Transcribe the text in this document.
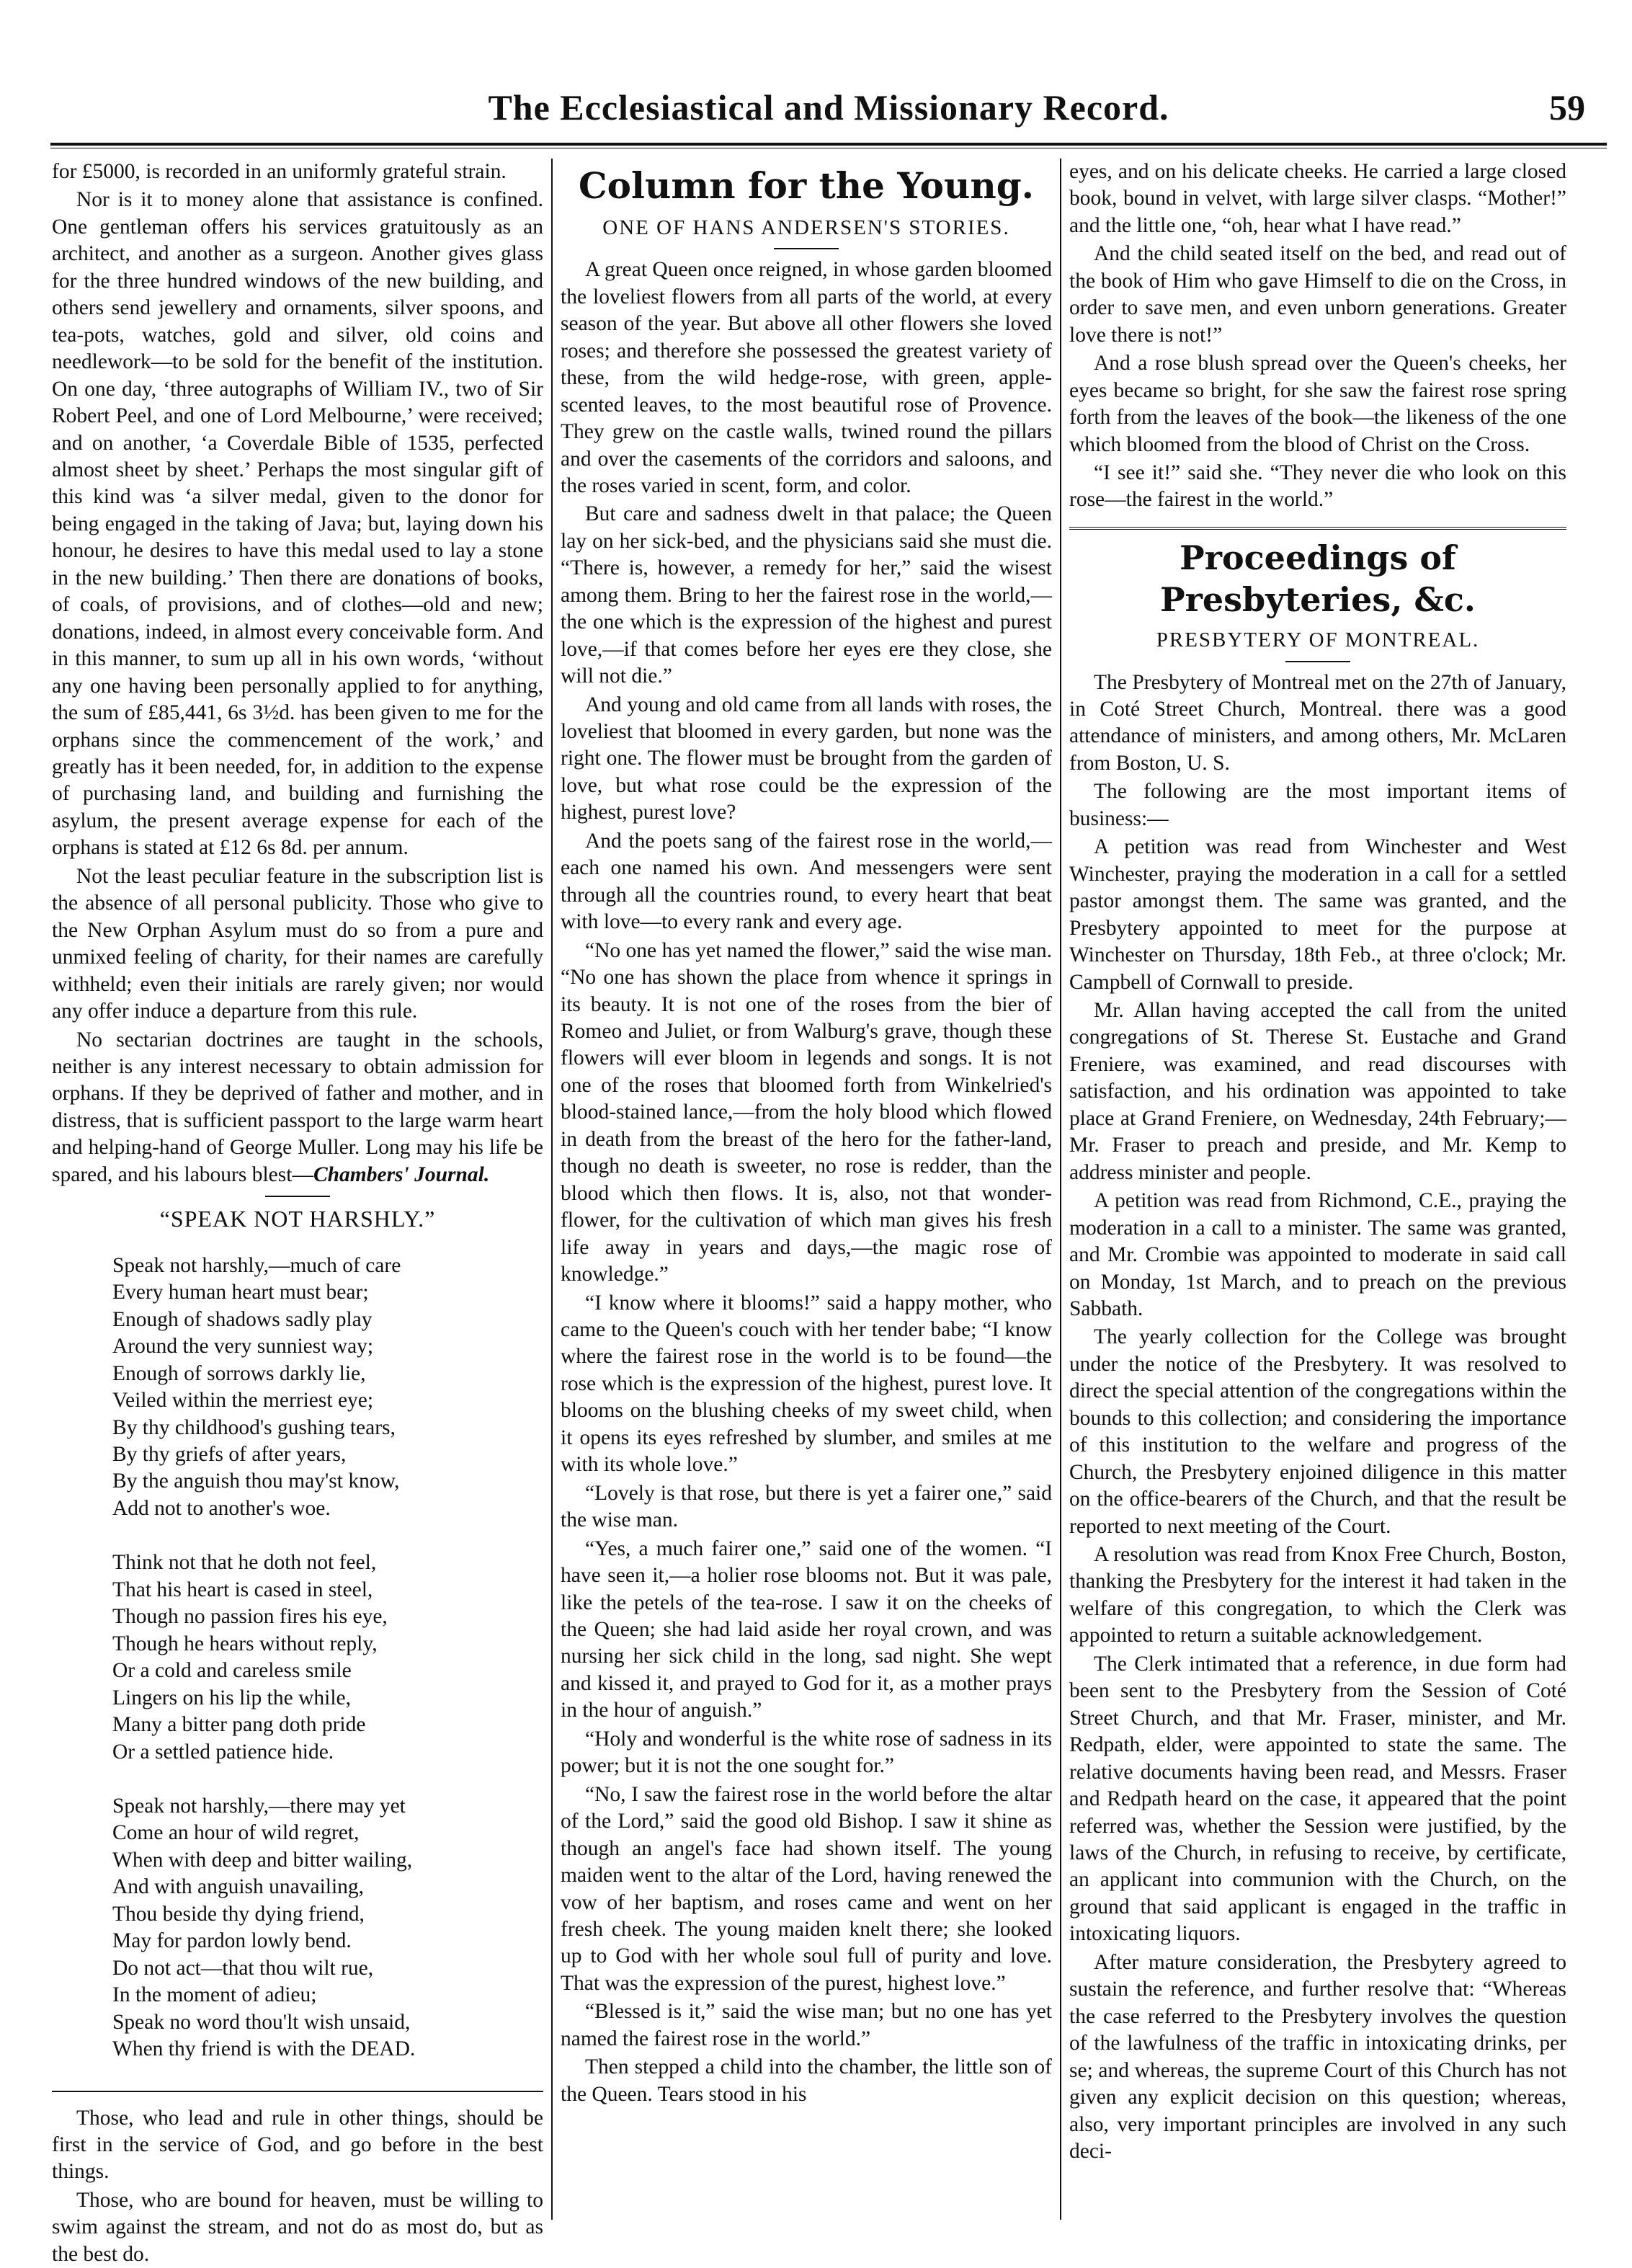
The Ecclesiastical and Missionary Record.	59

for £5000, is recorded in an uniformly grateful strain.

Nor is it to money alone that assistance is confined. One gentleman offers his services gratuitously as an architect, and another as a surgeon. Another gives glass for the three hundred windows of the new building, and others send jewellery and ornaments, silver spoons, and tea-pots, watches, gold and silver, old coins and needlework—to be sold for the benefit of the institution. On one day, ‘three autographs of William IV., two of Sir Robert Peel, and one of Lord Melbourne,’ were received; and on another, ‘a Coverdale Bible of 1535, perfected almost sheet by sheet.’ Perhaps the most singular gift of this kind was ‘a silver medal, given to the donor for being engaged in the taking of Java; but, laying down his honour, he desires to have this medal used to lay a stone in the new building.’ Then there are donations of books, of coals, of provisions, and of clothes—old and new; donations, indeed, in almost every conceivable form. And in this manner, to sum up all in his own words, ‘without any one having been personally applied to for anything, the sum of £85,441, 6s 3½d. has been given to me for the orphans since the commencement of the work,’ and greatly has it been needed, for, in addition to the expense of purchasing land, and building and furnishing the asylum, the present average expense for each of the orphans is stated at £12 6s 8d. per annum.

Not the least peculiar feature in the subscription list is the absence of all personal publicity. Those who give to the New Orphan Asylum must do so from a pure and unmixed feeling of charity, for their names are carefully withheld; even their initials are rarely given; nor would any offer induce a departure from this rule.

No sectarian doctrines are taught in the schools, neither is any interest necessary to obtain admission for orphans. If they be deprived of father and mother, and in distress, that is sufficient passport to the large warm heart and helping-hand of George Muller. Long may his life be spared, and his labours blest—Chambers' Journal.

“SPEAK NOT HARSHLY.”
Speak not harshly,—much of care
Every human heart must bear;
Enough of shadows sadly play
Around the very sunniest way;
Enough of sorrows darkly lie,
Veiled within the merriest eye;
By thy childhood's gushing tears,
By thy griefs of after years,
By the anguish thou may'st know,
Add not to another's woe.
Think not that he doth not feel,
That his heart is cased in steel,
Though no passion fires his eye,
Though he hears without reply,
Or a cold and careless smile
Lingers on his lip the while,
Many a bitter pang doth pride
Or a settled patience hide.
Speak not harshly,—there may yet
Come an hour of wild regret,
When with deep and bitter wailing,
And with anguish unavailing,
Thou beside thy dying friend,
May for pardon lowly bend.
Do not act—that thou wilt rue,
In the moment of adieu;
Speak no word thou'lt wish unsaid,
When thy friend is with the DEAD.

Those, who lead and rule in other things, should be first in the service of God, and go before in the best things.

Those, who are bound for heaven, must be willing to swim against the stream, and not do as most do, but as the best do.

Column for the Young.
ONE OF HANS ANDERSEN'S STORIES.

A great Queen once reigned, in whose garden bloomed the loveliest flowers from all parts of the world, at every season of the year. But above all other flowers she loved roses; and therefore she possessed the greatest variety of these, from the wild hedge-rose, with green, apple-scented leaves, to the most beautiful rose of Provence. They grew on the castle walls, twined round the pillars and over the casements of the corridors and saloons, and the roses varied in scent, form, and color.

But care and sadness dwelt in that palace; the Queen lay on her sick-bed, and the physicians said she must die. “There is, however, a remedy for her,” said the wisest among them. Bring to her the fairest rose in the world,—the one which is the expression of the highest and purest love,—if that comes before her eyes ere they close, she will not die.”

And young and old came from all lands with roses, the loveliest that bloomed in every garden, but none was the right one. The flower must be brought from the garden of love, but what rose could be the expression of the highest, purest love?

And the poets sang of the fairest rose in the world,—each one named his own. And messengers were sent through all the countries round, to every heart that beat with love—to every rank and every age.

“No one has yet named the flower,” said the wise man. “No one has shown the place from whence it springs in its beauty. It is not one of the roses from the bier of Romeo and Juliet, or from Walburg's grave, though these flowers will ever bloom in legends and songs. It is not one of the roses that bloomed forth from Winkelried's blood-stained lance,—from the holy blood which flowed in death from the breast of the hero for the father-land, though no death is sweeter, no rose is redder, than the blood which then flows. It is, also, not that wonder-flower, for the cultivation of which man gives his fresh life away in years and days,—the magic rose of knowledge.”

“I know where it blooms!” said a happy mother, who came to the Queen's couch with her tender babe; “I know where the fairest rose in the world is to be found—the rose which is the expression of the highest, purest love. It blooms on the blushing cheeks of my sweet child, when it opens its eyes refreshed by slumber, and smiles at me with its whole love.”

“Lovely is that rose, but there is yet a fairer one,” said the wise man.

“Yes, a much fairer one,” said one of the women. “I have seen it,—a holier rose blooms not. But it was pale, like the petels of the tea-rose. I saw it on the cheeks of the Queen; she had laid aside her royal crown, and was nursing her sick child in the long, sad night. She wept and kissed it, and prayed to God for it, as a mother prays in the hour of anguish.”

“Holy and wonderful is the white rose of sadness in its power; but it is not the one sought for.”

“No, I saw the fairest rose in the world before the altar of the Lord,” said the good old Bishop. I saw it shine as though an angel's face had shown itself. The young maiden went to the altar of the Lord, having renewed the vow of her baptism, and roses came and went on her fresh cheek. The young maiden knelt there; she looked up to God with her whole soul full of purity and love. That was the expression of the purest, highest love.”

“Blessed is it,” said the wise man; but no one has yet named the fairest rose in the world.”

Then stepped a child into the chamber, the little son of the Queen. Tears stood in his

eyes, and on his delicate cheeks. He carried a large closed book, bound in velvet, with large silver clasps. “Mother!” and the little one, “oh, hear what I have read.”

And the child seated itself on the bed, and read out of the book of Him who gave Himself to die on the Cross, in order to save men, and even unborn generations. Greater love there is not!”

And a rose blush spread over the Queen's cheeks, her eyes became so bright, for she saw the fairest rose spring forth from the leaves of the book—the likeness of the one which bloomed from the blood of Christ on the Cross.

“I see it!” said she. “They never die who look on this rose—the fairest in the world.”

Proceedings of Presbyteries, &c.
PRESBYTERY OF MONTREAL.

The Presbytery of Montreal met on the 27th of January, in Coté Street Church, Montreal. there was a good attendance of ministers, and among others, Mr. McLaren from Boston, U. S.

The following are the most important items of business:—

A petition was read from Winchester and West Winchester, praying the moderation in a call for a settled pastor amongst them. The same was granted, and the Presbytery appointed to meet for the purpose at Winchester on Thursday, 18th Feb., at three o'clock; Mr. Campbell of Cornwall to preside.

Mr. Allan having accepted the call from the united congregations of St. Therese St. Eustache and Grand Freniere, was examined, and read discourses with satisfaction, and his ordination was appointed to take place at Grand Freniere, on Wednesday, 24th February;—Mr. Fraser to preach and preside, and Mr. Kemp to address minister and people.

A petition was read from Richmond, C.E., praying the moderation in a call to a minister. The same was granted, and Mr. Crombie was appointed to moderate in said call on Monday, 1st March, and to preach on the previous Sabbath.

The yearly collection for the College was brought under the notice of the Presbytery. It was resolved to direct the special attention of the congregations within the bounds to this collection; and considering the importance of this institution to the welfare and progress of the Church, the Presbytery enjoined diligence in this matter on the office-bearers of the Church, and that the result be reported to next meeting of the Court.

A resolution was read from Knox Free Church, Boston, thanking the Presbytery for the interest it had taken in the welfare of this congregation, to which the Clerk was appointed to return a suitable acknowledgement.

The Clerk intimated that a reference, in due form had been sent to the Presbytery from the Session of Coté Street Church, and that Mr. Fraser, minister, and Mr. Redpath, elder, were appointed to state the same. The relative documents having been read, and Messrs. Fraser and Redpath heard on the case, it appeared that the point referred was, whether the Session were justified, by the laws of the Church, in refusing to receive, by certificate, an applicant into communion with the Church, on the ground that said applicant is engaged in the traffic in intoxicating liquors.

After mature consideration, the Presbytery agreed to sustain the reference, and further resolve that: “Whereas the case referred to the Presbytery involves the question of the lawfulness of the traffic in intoxicating drinks, per se; and whereas, the supreme Court of this Church has not given any explicit decision on this question; whereas, also, very important principles are involved in any such deci-
